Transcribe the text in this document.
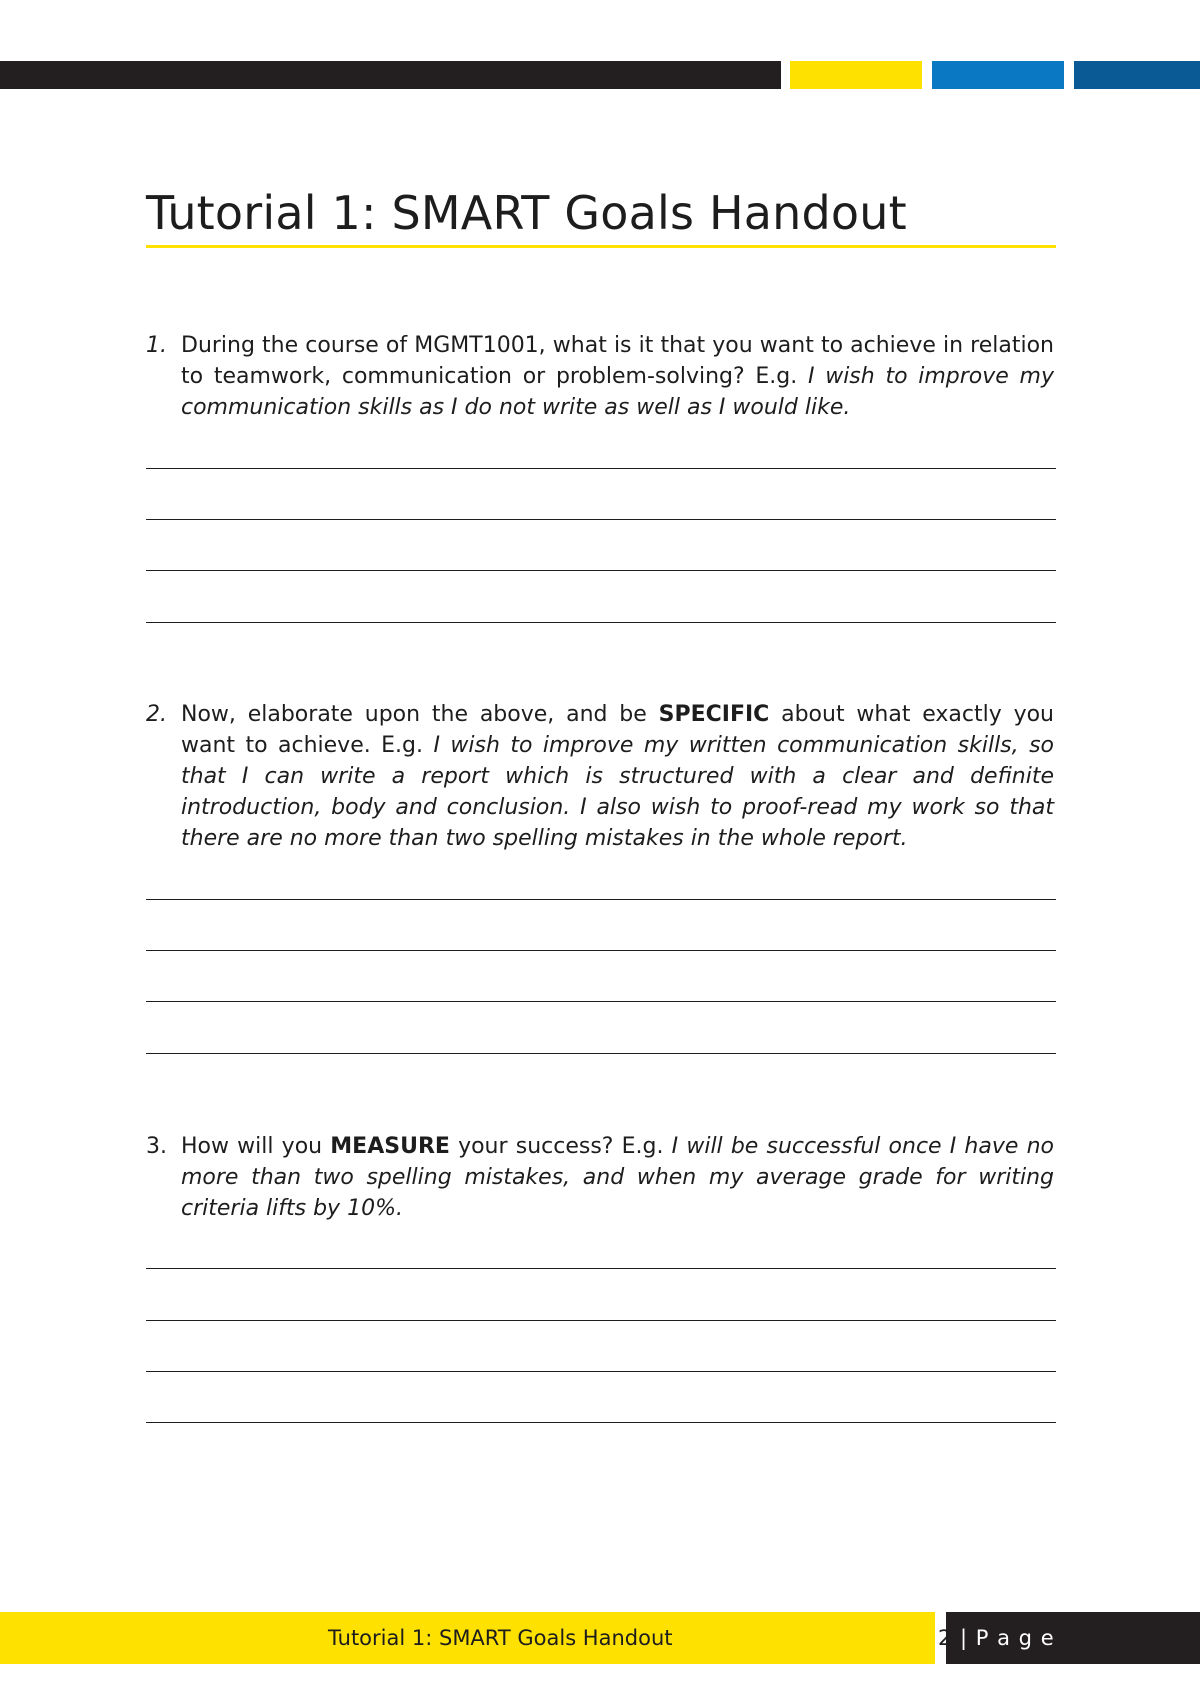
Tutorial 1: SMART Goals Handout
1. During the course of MGMT1001, what is it that you want to achieve in relation to teamwork, communication or problem-solving? E.g. I wish to improve my communication skills as I do not write as well as I would like.
2. Now, elaborate upon the above, and be SPECIFIC about what exactly you want to achieve. E.g. I wish to improve my written communication skills, so that I can write a report which is structured with a clear and definite introduction, body and conclusion. I also wish to proof-read my work so that there are no more than two spelling mistakes in the whole report.
3. How will you MEASURE your success? E.g. I will be successful once I have no more than two spelling mistakes, and when my average grade for writing criteria lifts by 10%.
Tutorial 1: SMART Goals Handout	2 | P a g e
